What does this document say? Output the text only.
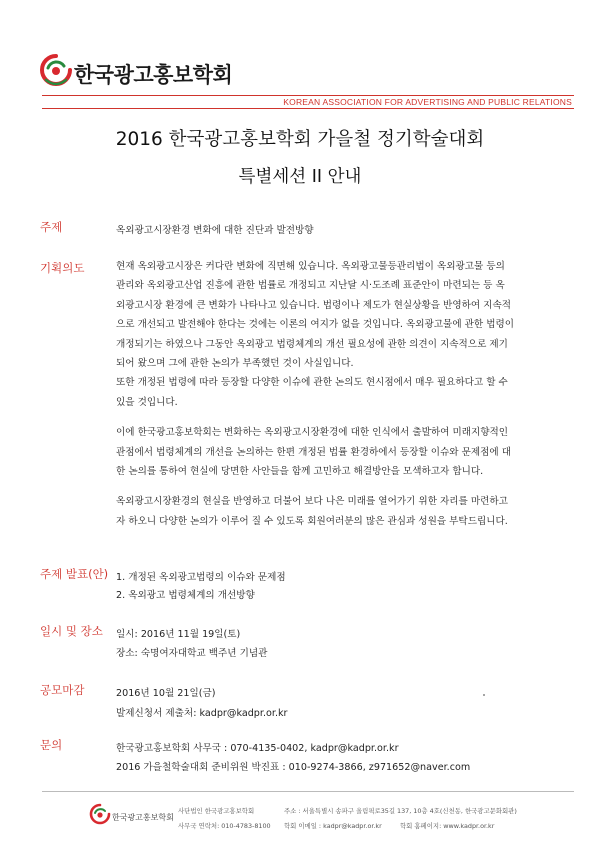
한국광고홍보학회
KOREAN ASSOCIATION FOR ADVERTISING AND PUBLIC RELATIONS
2016 한국광고홍보학회 가을철 정기학술대회
특별세션 II 안내
주제	옥외광고시장환경 변화에 대한 진단과 발전방향
기획의도	현재 옥외광고시장은 커다란 변화에 직면해 있습니다. 옥외광고물등관리법이 옥외광고물 등의

관리와 옥외광고산업 진흥에 관한 법률로 개정되고 지난달 시·도조례 표준안이 마련되는 등 옥

외광고시장 환경에 큰 변화가 나타나고 있습니다. 법령이나 제도가 현실상황을 반영하여 지속적

으로 개선되고 발전해야 한다는 것에는 이론의 여지가 없을 것입니다. 옥외광고물에 관한 법령이

개정되기는 하였으나 그동안 옥외광고 법령체계의 개선 필요성에 관한 의견이 지속적으로 제기

되어 왔으며 그에 관한 논의가 부족했던 것이 사실입니다.

또한 개정된 법령에 따라 등장할 다양한 이슈에 관한 논의도 현시점에서 매우 필요하다고 할 수

있을 것입니다.

이에 한국광고홍보학회는 변화하는 옥외광고시장환경에 대한 인식에서 출발하여 미래지향적인

관점에서 법령체계의 개선을 논의하는 한편 개정된 법률 환경하에서 등장할 이슈와 문제점에 대

한 논의를 통하여 현실에 당면한 사안들을 함께 고민하고 해결방안을 모색하고자 합니다.

옥외광고시장환경의 현실을 반영하고 더불어 보다 나은 미래를 열어가기 위한 자리를 마련하고

자 하오니 다양한 논의가 이루어 질 수 있도록 회원여러분의 많은 관심과 성원을 부탁드립니다.

주제 발표(안) 1. 개정된 옥외광고법령의 이슈와 문제점
2. 옥외광고 법령체계의 개선방향
일시 및 장소 일시: 2016년 11월 19일(토)
장소: 숙명여자대학교 백주년 기념관
공모마감	2016년 10월 21일(금)
발제신청서 제출처: kadpr@kadpr.or.kr
문의	한국광고홍보학회 사무국 : 070-4135-0402, kadpr@kadpr.or.kr
2016 가을철학술대회 준비위원 박진표 : 010-9274-3866, z971652@naver.com
한국광고홍보학회
사단법인 한국광고홍보학회
사무국 연락처: 010-4783-8100
주소 : 서울특별시 송파구 올림픽로35길 137, 10층 4호(신천동, 한국광고문화회관)
학회 이메일 : kadpr@kadpr.or.kr	학회 홈페이지: www.kadpr.or.kr
